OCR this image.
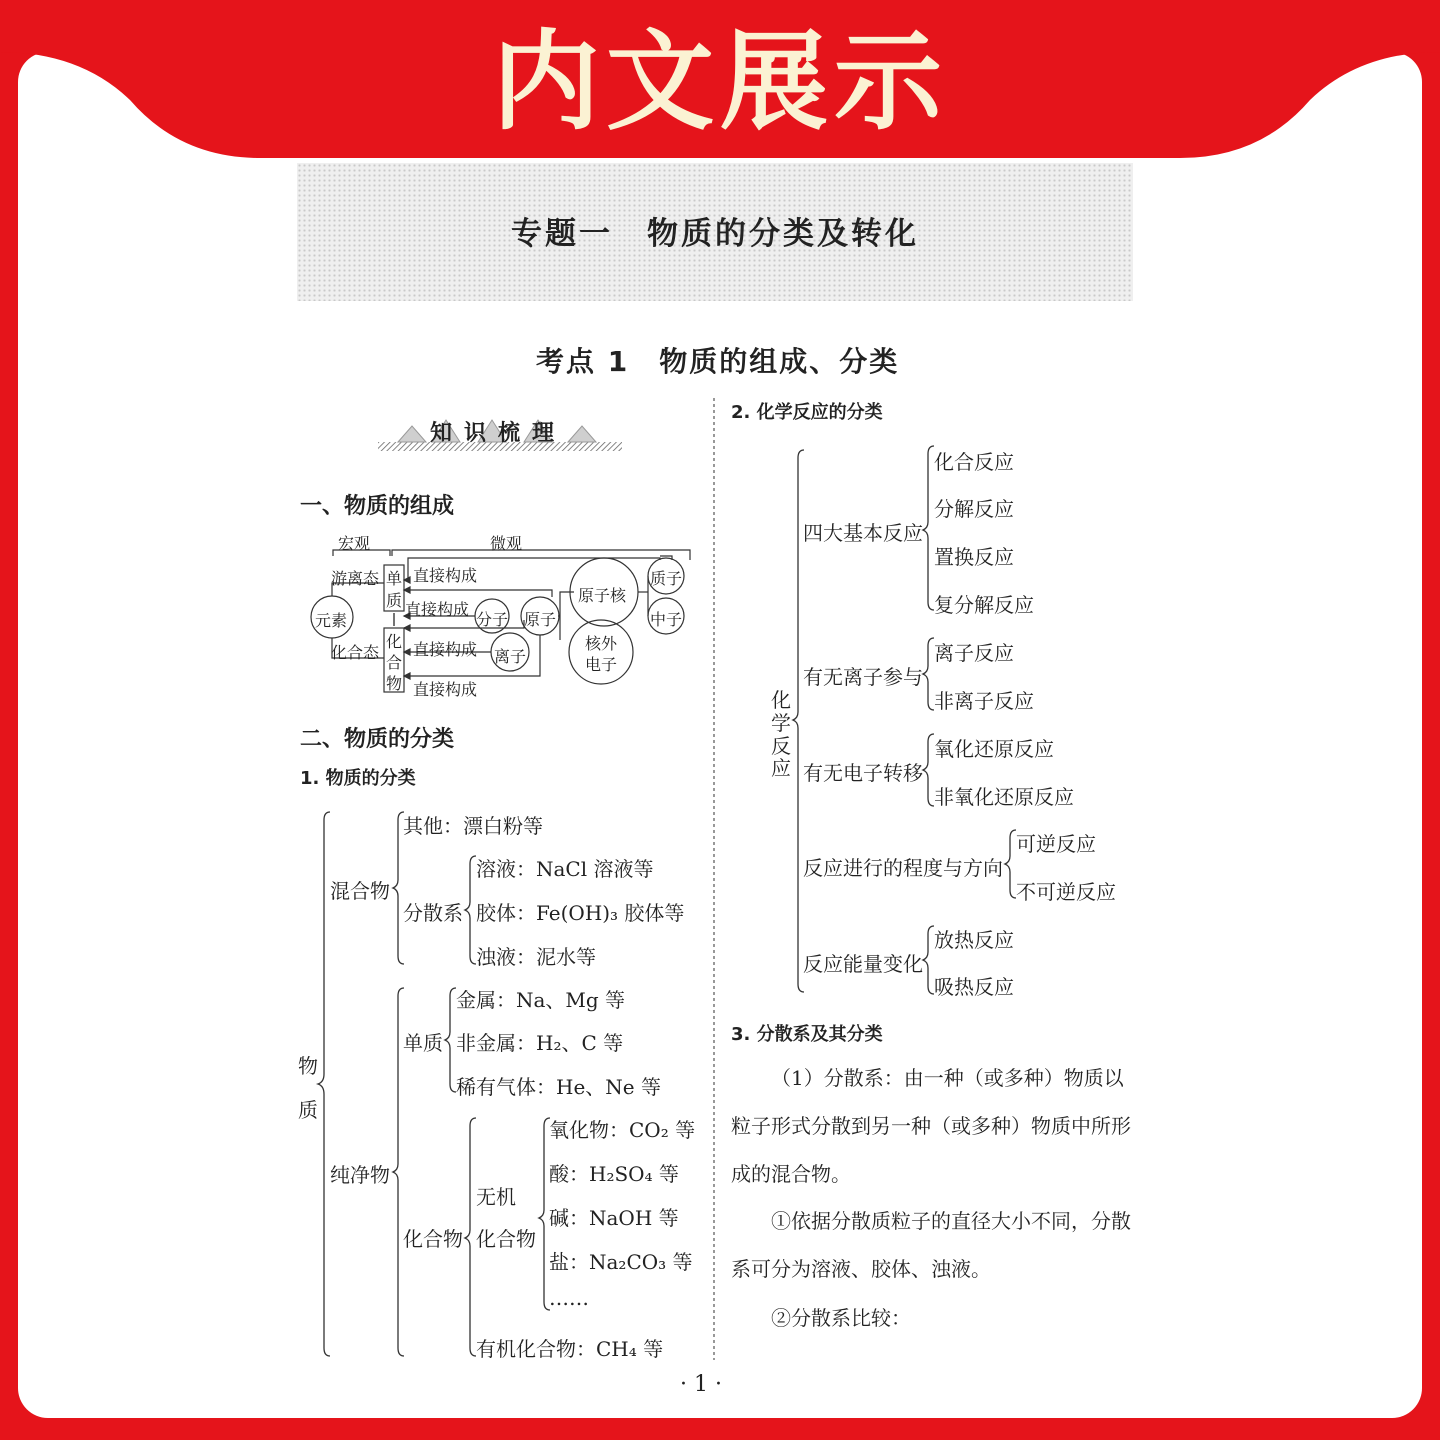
内文展示
专题一　物质的分类及转化
考点 1　物质的组成、分类
知识梳理
一、物质的组成
宏观	微观
游离态
化合态
元素
单
质
化
合
物
直接构成
直接构成
直接构成
直接构成
分子 原子
离子
原子核
核外
电子
质子
中子
二、物质的分类
1. 物质的分类
物
质
混合物
其他：漂白粉等
分散系
溶液：NaCl 溶液等
胶体：Fe(OH)₃ 胶体等
浊液：泥水等
纯净物
单质
金属：Na、Mg 等
非金属：H₂、C 等
稀有气体：He、Ne 等
化合物
无机
化合物
氧化物：CO₂ 等
酸：H₂SO₄ 等
碱：NaOH 等
盐：Na₂CO₃ 等
……
有机化合物：CH₄ 等
2. 化学反应的分类
化
学
反
应
四大基本反应
化合反应
分解反应
置换反应
复分解反应
有无离子参与
离子反应
非离子反应
有无电子转移
氧化还原反应
非氧化还原反应
反应进行的程度与方向
可逆反应
不可逆反应
反应能量变化
放热反应
吸热反应
3. 分散系及其分类
（1）分散系：由一种（或多种）物质以粒子形式分散到另一种（或多种）物质中所形成的混合物。
①依据分散质粒子的直径大小不同，分散系可分为溶液、胶体、浊液。
②分散系比较：
· 1 ·
